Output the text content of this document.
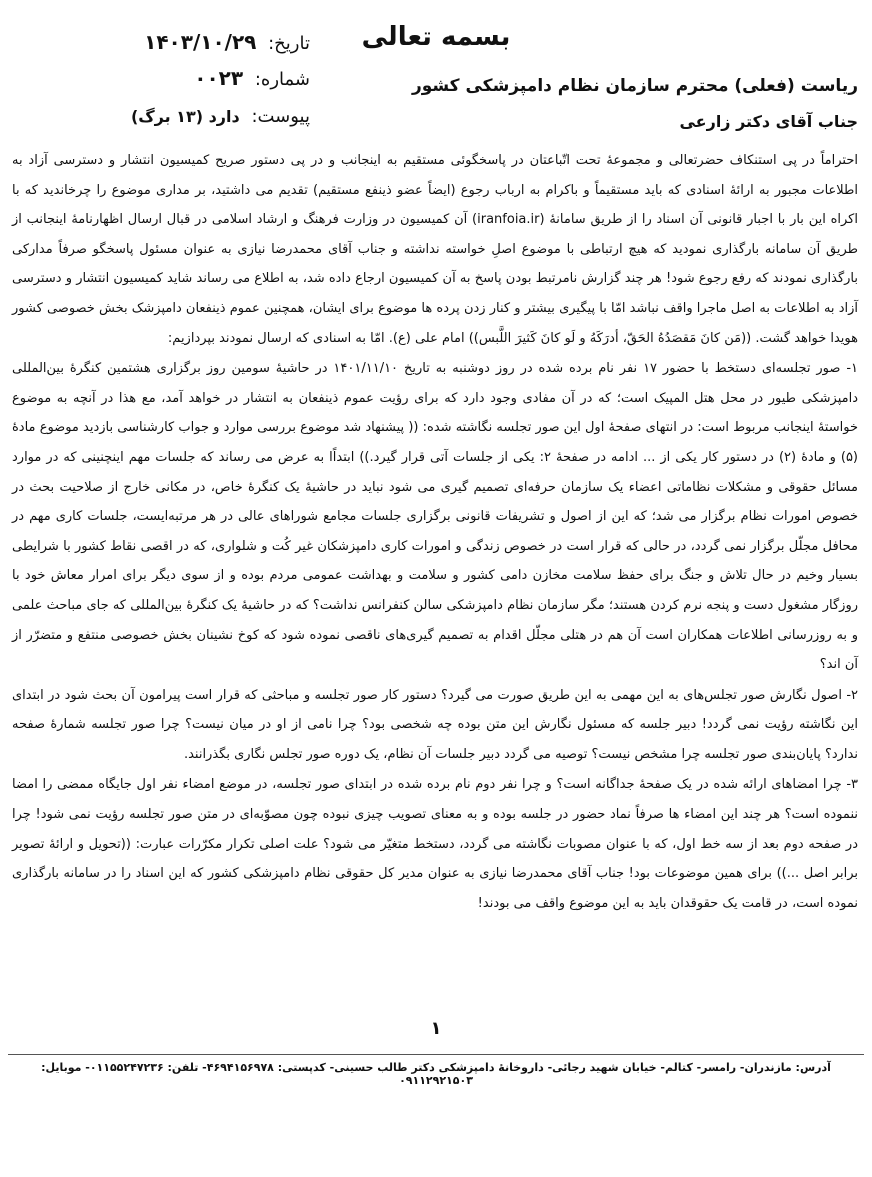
بسمه تعالی
تاریخ: ۱۴۰۳/۱۰/۲۹
شماره: ۰۰۲۳
پیوست: دارد (۱۳ برگ)
ریاست (فعلی) محترم سازمان نظام دامپزشکی کشور
جناب آقای دکتر زارعی

احتراماً در پی استنکاف حضرتعالی و مجموعهٔ تحت اتّباعتان در پاسخگوئی مستقیم به اینجانب و در پی دستور صریح کمیسیون انتشار و دسترسی آزاد به اطلاعات مجبور به ارائهٔ اسنادی که باید مستقیماً و باکرام به ارباب رجوع (ایضاً عضو ذینفع مستقیم) تقدیم می داشتید، بر مداری موضوع را چرخاندید که با اکراه این بار با اجبار قانونی آن اسناد را از طریق سامانهٔ (iranfoia.ir) آن کمیسیون در وزارت فرهنگ و ارشاد اسلامی در قبال ارسال اظهارنامهٔ اینجانب از طریق آن سامانه بارگذاری نمودید که هیچ ارتباطی با موضوع اصلِ خواسته نداشته و جناب آقای محمدرضا نیازی به عنوان مسئول پاسخگو صرفاً مدارکی بارگذاری نمودند که رفع رجوع شود! هر چند گزارش نامرتبط بودن پاسخ به آن کمیسیون ارجاع داده شد، به اطلاع می رساند شاید کمیسیون انتشار و دسترسی آزاد به اطلاعات به اصل ماجرا واقف نباشد امّا با پیگیری بیشتر و کنار زدن پرده ها موضوع برای ایشان، همچنین عموم ذینفعان دامپزشک بخش خصوصی کشور هویدا خواهد گشت. ((مَن کانَ مَقصَدُهُ الحَقّ، أدرَکَهُ و لَو کانَ کَثیرَ اللَّبس)) امام علی (ع). امّا به اسنادی که ارسال نمودند بپردازیم:

۱- صور تجلسه‌ای دستخط با حضور ۱۷ نفر نام برده شده در روز دوشنبه به تاریخ ۱۴۰۱/۱۱/۱۰ در حاشیهٔ سومین روز برگزاری هشتمین کنگرهٔ بین‌المللی دامپزشکی طیور در محل هتل المپیک است؛ که در آن مفادی وجود دارد که برای رؤیت عموم ذینفعان به انتشار در خواهد آمد، مع هذا در آنچه به موضوع خواستهٔ اینجانب مربوط است: در انتهای صفحهٔ اول این صور تجلسه نگاشته شده: (( پیشنهاد شد موضوع بررسی موارد و جواب کارشناسی بازدید موضوع مادهٔ (۵) و مادهٔ (۲) در دستور کار یکی از ... ادامه در صفحهٔ ۲: یکی از جلسات آتی قرار گیرد.)) ابتداًا به عرض می رساند که جلسات مهم اینچنینی که در موارد مسائل حقوقی و مشکلات نظاماتی اعضاء یک سازمان حرفه‌ای تصمیم گیری می شود نباید در حاشیهٔ یک کنگرهٔ خاص، در مکانی خارج از صلاحیت بحث در خصوص امورات نظام برگزار می شد؛ که این از اصول و تشریفات قانونی برگزاری جلسات مجامع شوراهای عالی در هر مرتبه‌ایست، جلسات کاری مهم در محافل مجلّل برگزار نمی گردد، در حالی که قرار است در خصوص زندگی و امورات کاری دامپزشکان غیر کُت و شلواری، که در اقصی نقاط کشور با شرایطی بسیار وخیم در حال تلاش و جنگ برای حفظ سلامت مخازن دامی کشور و سلامت و بهداشت عمومی مردم بوده و از سوی دیگر برای امرار معاش خود با روزگار مشغول دست و پنجه نرم کردن هستند؛ مگر سازمان نظام دامپزشکی سالن کنفرانس نداشت؟ که در حاشیهٔ یک کنگرهٔ بین‌المللی که جای مباحث علمی و به روزرسانی اطلاعات همکاران است آن هم در هتلی مجلّل اقدام به تصمیم گیری‌های ناقصی نموده شود که کوخ نشینان بخش خصوصی منتفع و متضرّر از آن اند؟

۲- اصول نگارش صور تجلس‌های به این مهمی به این طریق صورت می گیرد؟ دستور کار صور تجلسه و مباحثی که قرار است پیرامون آن بحث شود در ابتدای این نگاشته رؤیت نمی گردد! دبیر جلسه که مسئول نگارش این متن بوده چه شخصی بود؟ چرا نامی از او در میان نیست؟ چرا صور تجلسه شمارهٔ صفحه ندارد؟ پایان‌بندی صور تجلسه چرا مشخص نیست؟ توصیه می گردد دبیر جلسات آن نظام، یک دوره صور تجلس نگاری بگذرانند.

۳- چرا امضاهای ارائه شده در یک صفحهٔ جداگانه است؟ و چرا نفر دوم نام برده شده در ابتدای صور تجلسه، در موضع امضاء نفر اول جایگاه ممضی را امضا ننموده است؟ هر چند این امضاء ها صرفاً نماد حضور در جلسه بوده و به معنای تصویب چیزی نبوده چون مصوّبه‌ای در متن صور تجلسه رؤیت نمی شود! چرا در صفحه دوم بعد از سه خط اول، که با عنوان مصوبات نگاشته می گردد، دستخط متغیّر می شود؟ علت اصلی تکرار مکرّرات عبارت: ((تحویل و ارائهٔ تصویر برابر اصل ...)) برای همین موضوعات بود! جناب آقای محمدرضا نیازی به عنوان مدیر کل حقوقی نظام دامپزشکی کشور که این اسناد را در سامانه بارگذاری نموده است، در قامت یک حقوقدان باید به این موضوع واقف می بودند!

۱
آدرس: مازندران- رامسر- کتالم- خیابان شهید رجائی- داروخانهٔ دامپزشکی دکتر طالب حسینی- کدپستی: ۴۶۹۴۱۵۶۹۷۸- تلفن: ۰۱۱۵۵۲۴۷۲۳۶- موبایل: ۰۹۱۱۲۹۲۱۵۰۳
